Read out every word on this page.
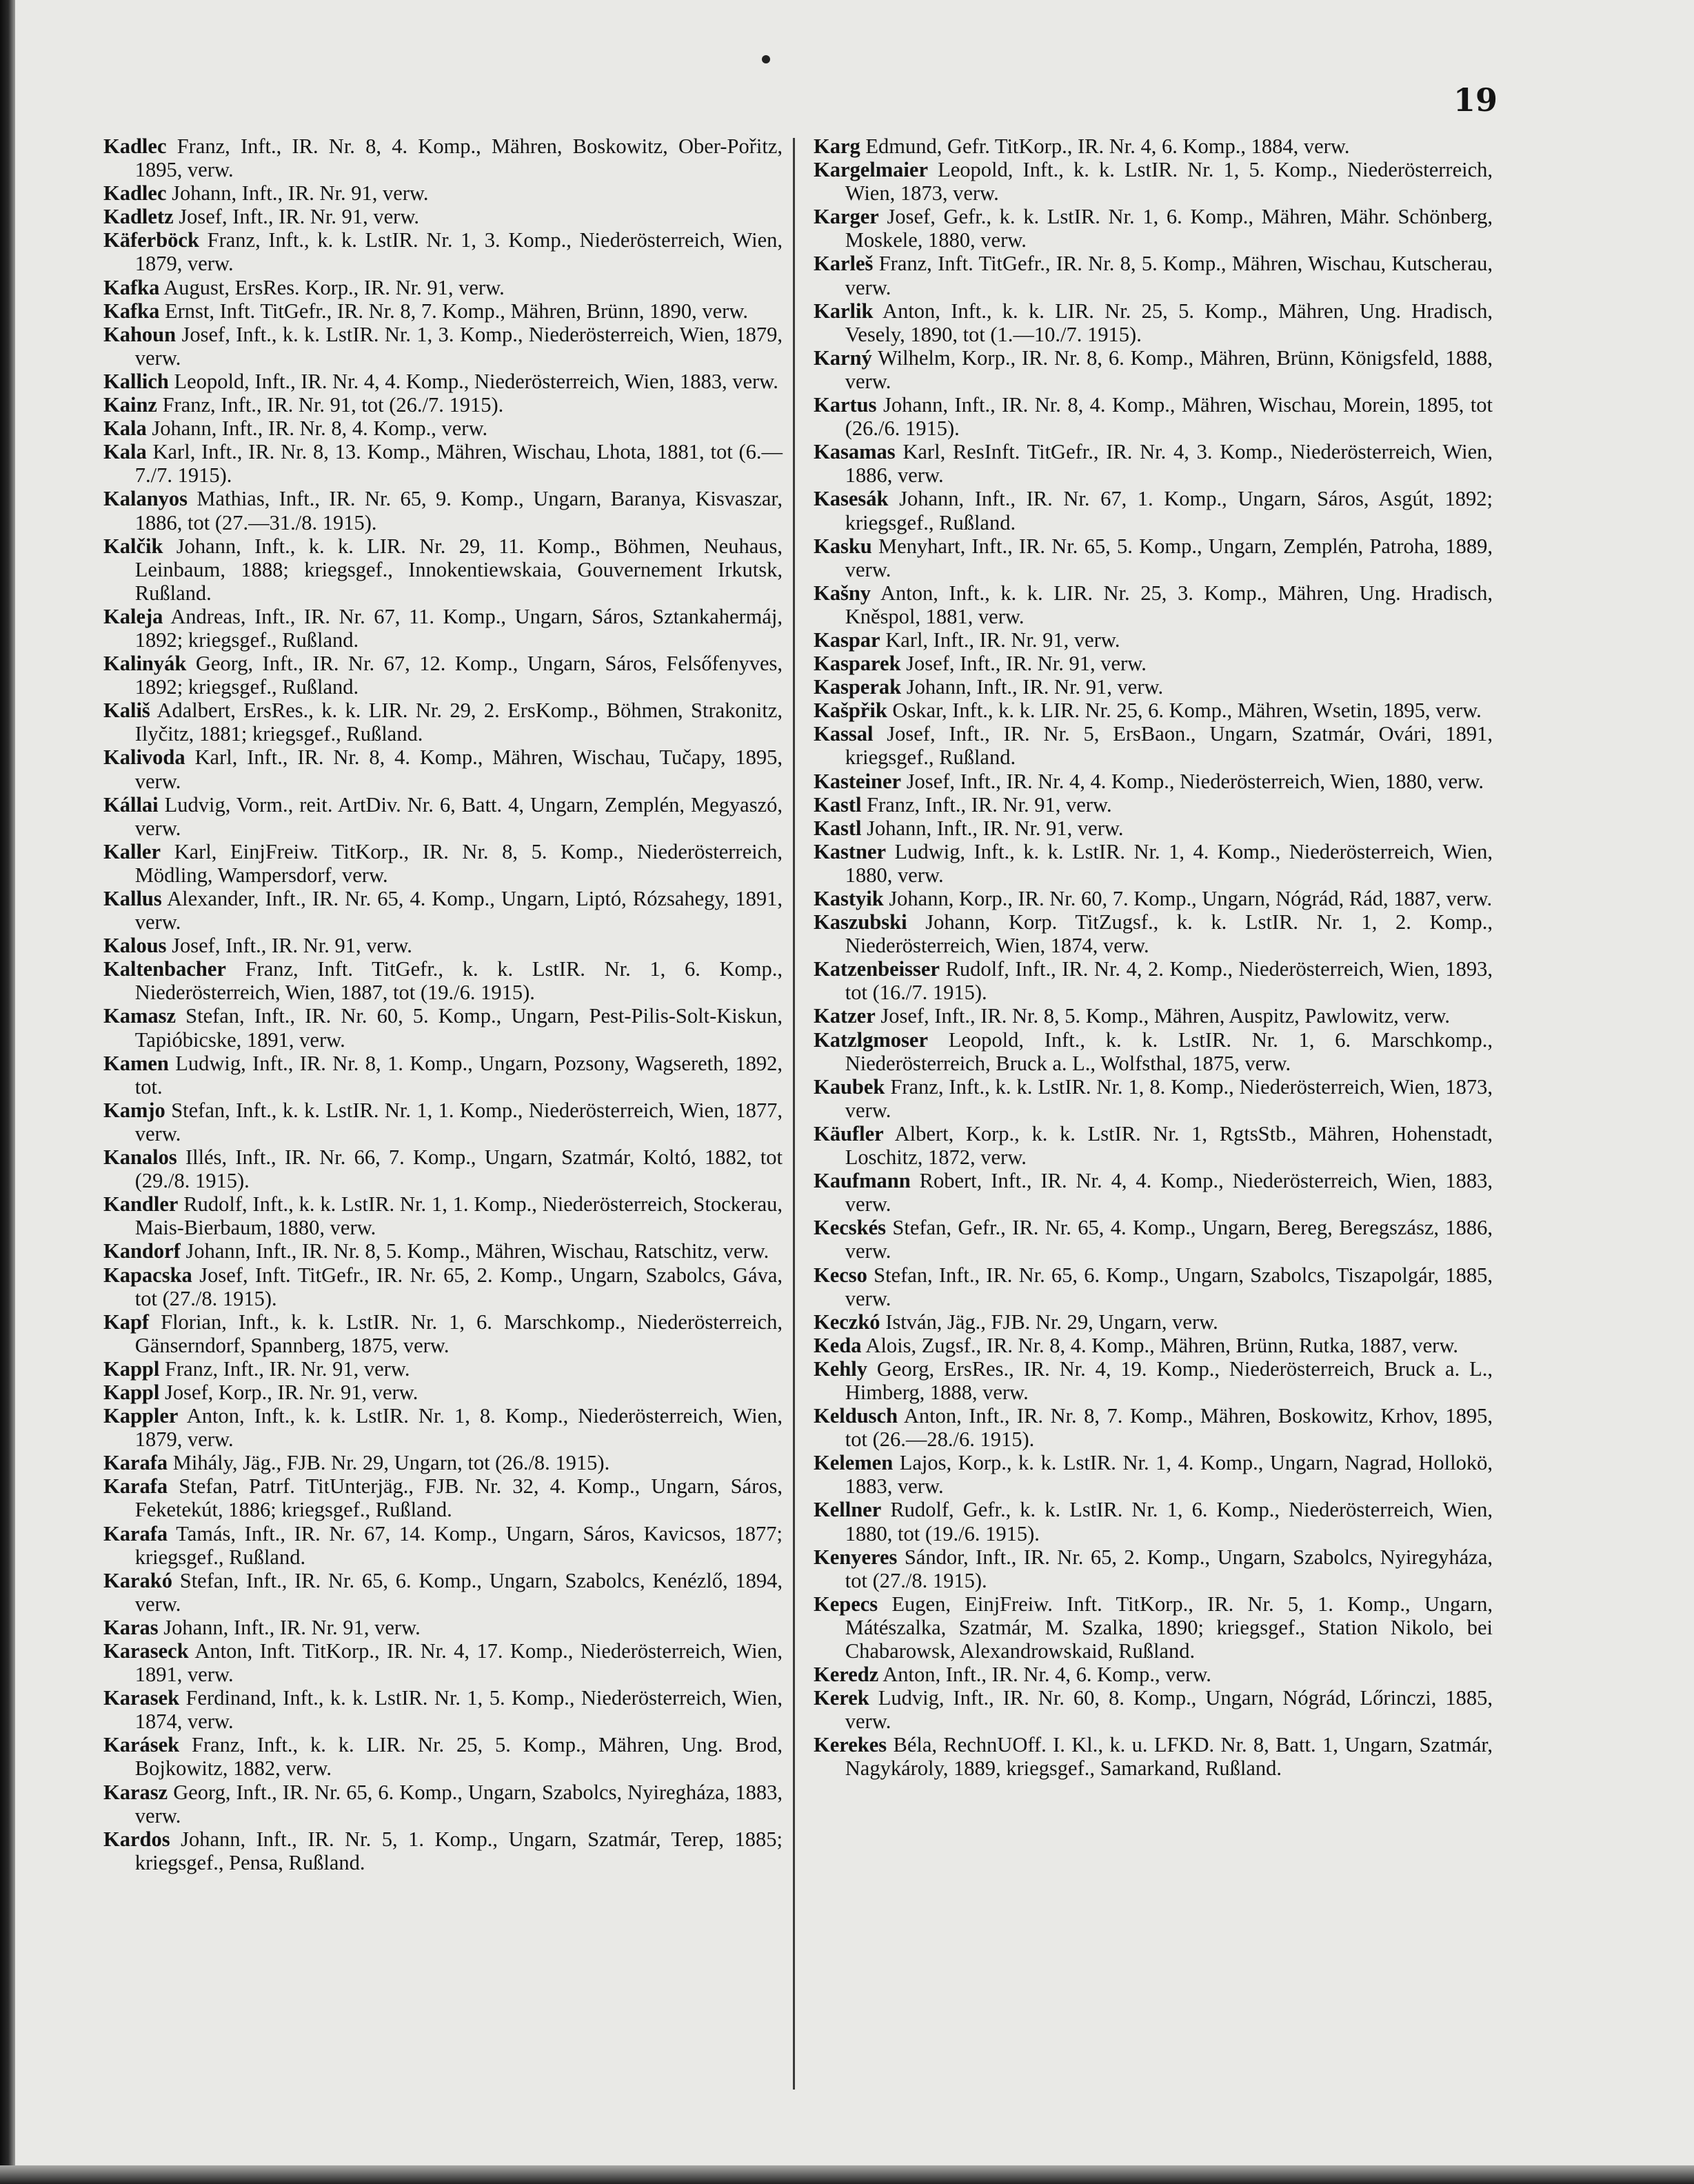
19

Kadlec Franz, Inft., IR. Nr. 8, 4. Komp., Mähren, Boskowitz, Ober-Pořitz, 1895, verw.

Kadlec Johann, Inft., IR. Nr. 91, verw.

Kadletz Josef, Inft., IR. Nr. 91, verw.

Käferböck Franz, Inft., k. k. LstIR. Nr. 1, 3. Komp., Niederösterreich, Wien, 1879, verw.

Kafka August, ErsRes. Korp., IR. Nr. 91, verw.

Kafka Ernst, Inft. TitGefr., IR. Nr. 8, 7. Komp., Mähren, Brünn, 1890, verw.

Kahoun Josef, Inft., k. k. LstIR. Nr. 1, 3. Komp., Niederösterreich, Wien, 1879, verw.

Kallich Leopold, Inft., IR. Nr. 4, 4. Komp., Niederösterreich, Wien, 1883, verw.

Kainz Franz, Inft., IR. Nr. 91, tot (26./7. 1915).

Kala Johann, Inft., IR. Nr. 8, 4. Komp., verw.

Kala Karl, Inft., IR. Nr. 8, 13. Komp., Mähren, Wischau, Lhota, 1881, tot (6.—7./7. 1915).

Kalanyos Mathias, Inft., IR. Nr. 65, 9. Komp., Ungarn, Baranya, Kisvaszar, 1886, tot (27.—31./8. 1915).

Kalčik Johann, Inft., k. k. LIR. Nr. 29, 11. Komp., Böhmen, Neuhaus, Leinbaum, 1888; kriegsgef., Innokentiewskaia, Gouvernement Irkutsk, Rußland.

Kaleja Andreas, Inft., IR. Nr. 67, 11. Komp., Ungarn, Sáros, Sztankahermáj, 1892; kriegsgef., Rußland.

Kalinyák Georg, Inft., IR. Nr. 67, 12. Komp., Ungarn, Sáros, Felsőfenyves, 1892; kriegsgef., Rußland.

Kališ Adalbert, ErsRes., k. k. LIR. Nr. 29, 2. ErsKomp., Böhmen, Strakonitz, Ilyčitz, 1881; kriegsgef., Rußland.

Kalivoda Karl, Inft., IR. Nr. 8, 4. Komp., Mähren, Wischau, Tučapy, 1895, verw.

Kállai Ludvig, Vorm., reit. ArtDiv. Nr. 6, Batt. 4, Ungarn, Zemplén, Megyaszó, verw.

Kaller Karl, EinjFreiw. TitKorp., IR. Nr. 8, 5. Komp., Niederösterreich, Mödling, Wampersdorf, verw.

Kallus Alexander, Inft., IR. Nr. 65, 4. Komp., Ungarn, Liptó, Rózsahegy, 1891, verw.

Kalous Josef, Inft., IR. Nr. 91, verw.

Kaltenbacher Franz, Inft. TitGefr., k. k. LstIR. Nr. 1, 6. Komp., Niederösterreich, Wien, 1887, tot (19./6. 1915).

Kamasz Stefan, Inft., IR. Nr. 60, 5. Komp., Ungarn, Pest-Pilis-Solt-Kiskun, Tapióbicske, 1891, verw.

Kamen Ludwig, Inft., IR. Nr. 8, 1. Komp., Ungarn, Pozsony, Wagsereth, 1892, tot.

Kamjo Stefan, Inft., k. k. LstIR. Nr. 1, 1. Komp., Niederösterreich, Wien, 1877, verw.

Kanalos Illés, Inft., IR. Nr. 66, 7. Komp., Ungarn, Szatmár, Koltó, 1882, tot (29./8. 1915).

Kandler Rudolf, Inft., k. k. LstIR. Nr. 1, 1. Komp., Niederösterreich, Stockerau, Mais-Bierbaum, 1880, verw.

Kandorf Johann, Inft., IR. Nr. 8, 5. Komp., Mähren, Wischau, Ratschitz, verw.

Kapacska Josef, Inft. TitGefr., IR. Nr. 65, 2. Komp., Ungarn, Szabolcs, Gáva, tot (27./8. 1915).

Kapf Florian, Inft., k. k. LstIR. Nr. 1, 6. Marschkomp., Niederösterreich, Gänserndorf, Spannberg, 1875, verw.

Kappl Franz, Inft., IR. Nr. 91, verw.

Kappl Josef, Korp., IR. Nr. 91, verw.

Kappler Anton, Inft., k. k. LstIR. Nr. 1, 8. Komp., Niederösterreich, Wien, 1879, verw.

Karafa Mihály, Jäg., FJB. Nr. 29, Ungarn, tot (26./8. 1915).

Karafa Stefan, Patrf. TitUnterjäg., FJB. Nr. 32, 4. Komp., Ungarn, Sáros, Feketekút, 1886; kriegsgef., Rußland.

Karafa Tamás, Inft., IR. Nr. 67, 14. Komp., Ungarn, Sáros, Kavicsos, 1877; kriegsgef., Rußland.

Karakó Stefan, Inft., IR. Nr. 65, 6. Komp., Ungarn, Szabolcs, Kenézlő, 1894, verw.

Karas Johann, Inft., IR. Nr. 91, verw.

Karaseck Anton, Inft. TitKorp., IR. Nr. 4, 17. Komp., Niederösterreich, Wien, 1891, verw.

Karasek Ferdinand, Inft., k. k. LstIR. Nr. 1, 5. Komp., Niederösterreich, Wien, 1874, verw.

Karásek Franz, Inft., k. k. LIR. Nr. 25, 5. Komp., Mähren, Ung. Brod, Bojkowitz, 1882, verw.

Karasz Georg, Inft., IR. Nr. 65, 6. Komp., Ungarn, Szabolcs, Nyiregháza, 1883, verw.

Kardos Johann, Inft., IR. Nr. 5, 1. Komp., Ungarn, Szatmár, Terep, 1885; kriegsgef., Pensa, Rußland.

Karg Edmund, Gefr. TitKorp., IR. Nr. 4, 6. Komp., 1884, verw.

Kargelmaier Leopold, Inft., k. k. LstIR. Nr. 1, 5. Komp., Niederösterreich, Wien, 1873, verw.

Karger Josef, Gefr., k. k. LstIR. Nr. 1, 6. Komp., Mähren, Mähr. Schönberg, Moskele, 1880, verw.

Karleš Franz, Inft. TitGefr., IR. Nr. 8, 5. Komp., Mähren, Wischau, Kutscherau, verw.

Karlik Anton, Inft., k. k. LIR. Nr. 25, 5. Komp., Mähren, Ung. Hradisch, Vesely, 1890, tot (1.—10./7. 1915).

Karný Wilhelm, Korp., IR. Nr. 8, 6. Komp., Mähren, Brünn, Königsfeld, 1888, verw.

Kartus Johann, Inft., IR. Nr. 8, 4. Komp., Mähren, Wischau, Morein, 1895, tot (26./6. 1915).

Kasamas Karl, ResInft. TitGefr., IR. Nr. 4, 3. Komp., Niederösterreich, Wien, 1886, verw.

Kasesák Johann, Inft., IR. Nr. 67, 1. Komp., Ungarn, Sáros, Asgút, 1892; kriegsgef., Rußland.

Kasku Menyhart, Inft., IR. Nr. 65, 5. Komp., Ungarn, Zemplén, Patroha, 1889, verw.

Kašny Anton, Inft., k. k. LIR. Nr. 25, 3. Komp., Mähren, Ung. Hradisch, Kněspol, 1881, verw.

Kaspar Karl, Inft., IR. Nr. 91, verw.

Kasparek Josef, Inft., IR. Nr. 91, verw.

Kasperak Johann, Inft., IR. Nr. 91, verw.

Kašpřik Oskar, Inft., k. k. LIR. Nr. 25, 6. Komp., Mähren, Wsetin, 1895, verw.

Kassal Josef, Inft., IR. Nr. 5, ErsBaon., Ungarn, Szatmár, Ovári, 1891, kriegsgef., Rußland.

Kasteiner Josef, Inft., IR. Nr. 4, 4. Komp., Niederösterreich, Wien, 1880, verw.

Kastl Franz, Inft., IR. Nr. 91, verw.

Kastl Johann, Inft., IR. Nr. 91, verw.

Kastner Ludwig, Inft., k. k. LstIR. Nr. 1, 4. Komp., Niederösterreich, Wien, 1880, verw.

Kastyik Johann, Korp., IR. Nr. 60, 7. Komp., Ungarn, Nógrád, Rád, 1887, verw.

Kaszubski Johann, Korp. TitZugsf., k. k. LstIR. Nr. 1, 2. Komp., Niederösterreich, Wien, 1874, verw.

Katzenbeisser Rudolf, Inft., IR. Nr. 4, 2. Komp., Niederösterreich, Wien, 1893, tot (16./7. 1915).

Katzer Josef, Inft., IR. Nr. 8, 5. Komp., Mähren, Auspitz, Pawlowitz, verw.

Katzlgmoser Leopold, Inft., k. k. LstIR. Nr. 1, 6. Marschkomp., Niederösterreich, Bruck a. L., Wolfsthal, 1875, verw.

Kaubek Franz, Inft., k. k. LstIR. Nr. 1, 8. Komp., Niederösterreich, Wien, 1873, verw.

Käufler Albert, Korp., k. k. LstIR. Nr. 1, RgtsStb., Mähren, Hohenstadt, Loschitz, 1872, verw.

Kaufmann Robert, Inft., IR. Nr. 4, 4. Komp., Niederösterreich, Wien, 1883, verw.

Kecskés Stefan, Gefr., IR. Nr. 65, 4. Komp., Ungarn, Bereg, Beregszász, 1886, verw.

Kecso Stefan, Inft., IR. Nr. 65, 6. Komp., Ungarn, Szabolcs, Tiszapolgár, 1885, verw.

Keczkó István, Jäg., FJB. Nr. 29, Ungarn, verw.

Keda Alois, Zugsf., IR. Nr. 8, 4. Komp., Mähren, Brünn, Rutka, 1887, verw.

Kehly Georg, ErsRes., IR. Nr. 4, 19. Komp., Niederösterreich, Bruck a. L., Himberg, 1888, verw.

Keldusch Anton, Inft., IR. Nr. 8, 7. Komp., Mähren, Boskowitz, Krhov, 1895, tot (26.—28./6. 1915).

Kelemen Lajos, Korp., k. k. LstIR. Nr. 1, 4. Komp., Ungarn, Nagrad, Hollokö, 1883, verw.

Kellner Rudolf, Gefr., k. k. LstIR. Nr. 1, 6. Komp., Niederösterreich, Wien, 1880, tot (19./6. 1915).

Kenyeres Sándor, Inft., IR. Nr. 65, 2. Komp., Ungarn, Szabolcs, Nyiregyháza, tot (27./8. 1915).

Kepecs Eugen, EinjFreiw. Inft. TitKorp., IR. Nr. 5, 1. Komp., Ungarn, Mátészalka, Szatmár, M. Szalka, 1890; kriegsgef., Station Nikolo, bei Chabarowsk, Alexandrowskaid, Rußland.

Keredz Anton, Inft., IR. Nr. 4, 6. Komp., verw.

Kerek Ludvig, Inft., IR. Nr. 60, 8. Komp., Ungarn, Nógrád, Lőrinczi, 1885, verw.

Kerekes Béla, RechnUOff. I. Kl., k. u. LFKD. Nr. 8, Batt. 1, Ungarn, Szatmár, Nagykároly, 1889, kriegsgef., Samarkand, Rußland.
